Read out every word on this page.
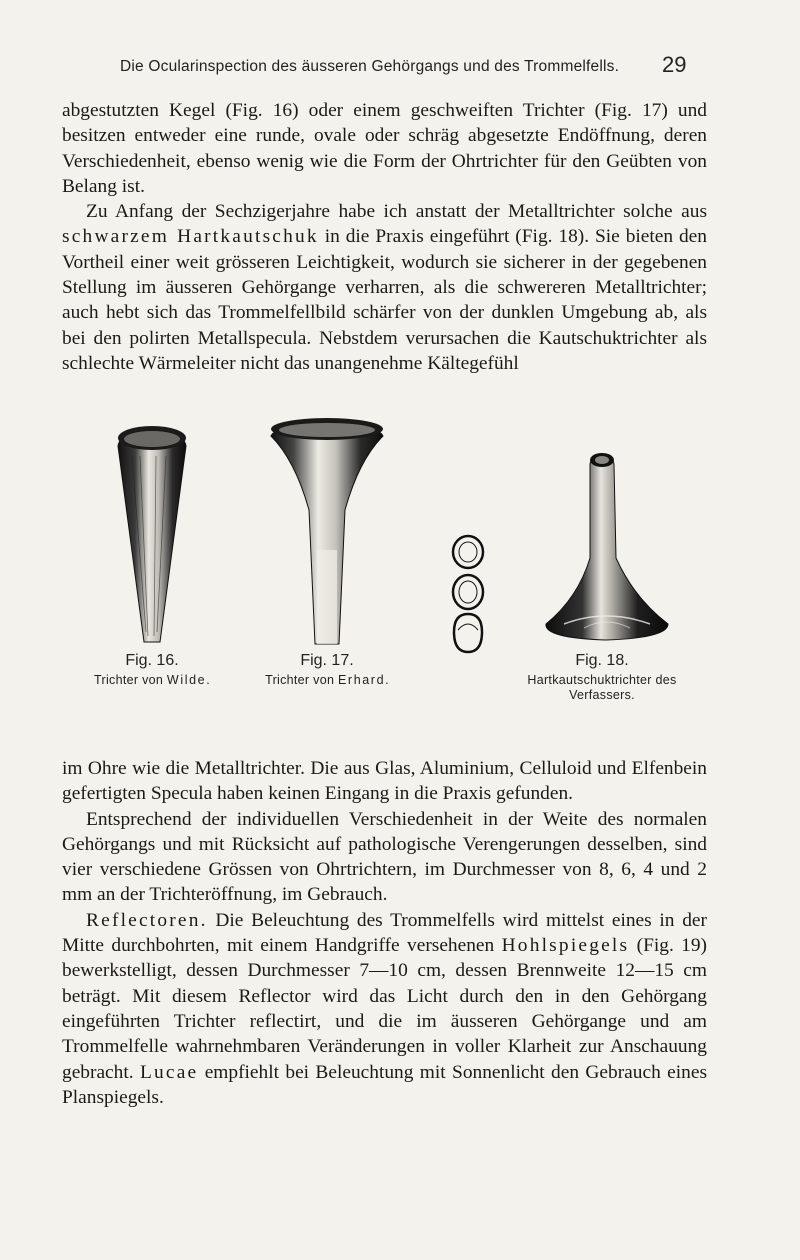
Die Ocularinspection des äusseren Gehörgangs und des Trommelfells. 29

abgestutzten Kegel (Fig. 16) oder einem geschweiften Trichter (Fig. 17) und besitzen entweder eine runde, ovale oder schräg abgesetzte Endöffnung, deren Verschiedenheit, ebenso wenig wie die Form der Ohrtrichter für den Geübten von Belang ist.

Zu Anfang der Sechzigerjahre habe ich anstatt der Metalltrichter solche aus schwarzem Hartkautschuk in die Praxis eingeführt (Fig. 18). Sie bieten den Vortheil einer weit grösseren Leichtigkeit, wodurch sie sicherer in der gegebenen Stellung im äusseren Gehörgange verharren, als die schwereren Metalltrichter; auch hebt sich das Trommelfellbild schärfer von der dunklen Umgebung ab, als bei den polirten Metallspecula. Nebstdem verursachen die Kautschuktrichter als schlechte Wärmeleiter nicht das unangenehme Kältegefühl

Fig. 16.
Trichter von Wilde.
Fig. 17.
Trichter von Erhard.
Fig. 18.
Hartkautschuktrichter des
Verfassers.

im Ohre wie die Metalltrichter. Die aus Glas, Aluminium, Celluloid und Elfenbein gefertigten Specula haben keinen Eingang in die Praxis gefunden.

Entsprechend der individuellen Verschiedenheit in der Weite des normalen Gehörgangs und mit Rücksicht auf pathologische Verengerungen desselben, sind vier verschiedene Grössen von Ohrtrichtern, im Durchmesser von 8, 6, 4 und 2 mm an der Trichteröffnung, im Gebrauch.

Reflectoren. Die Beleuchtung des Trommelfells wird mittelst eines in der Mitte durchbohrten, mit einem Handgriffe versehenen Hohlspiegels (Fig. 19) bewerkstelligt, dessen Durchmesser 7—10 cm, dessen Brennweite 12—15 cm beträgt. Mit diesem Reflector wird das Licht durch den in den Gehörgang eingeführten Trichter reflectirt, und die im äusseren Gehörgange und am Trommelfelle wahrnehmbaren Veränderungen in voller Klarheit zur Anschauung gebracht. Lucae empfiehlt bei Beleuchtung mit Sonnenlicht den Gebrauch eines Planspiegels.
